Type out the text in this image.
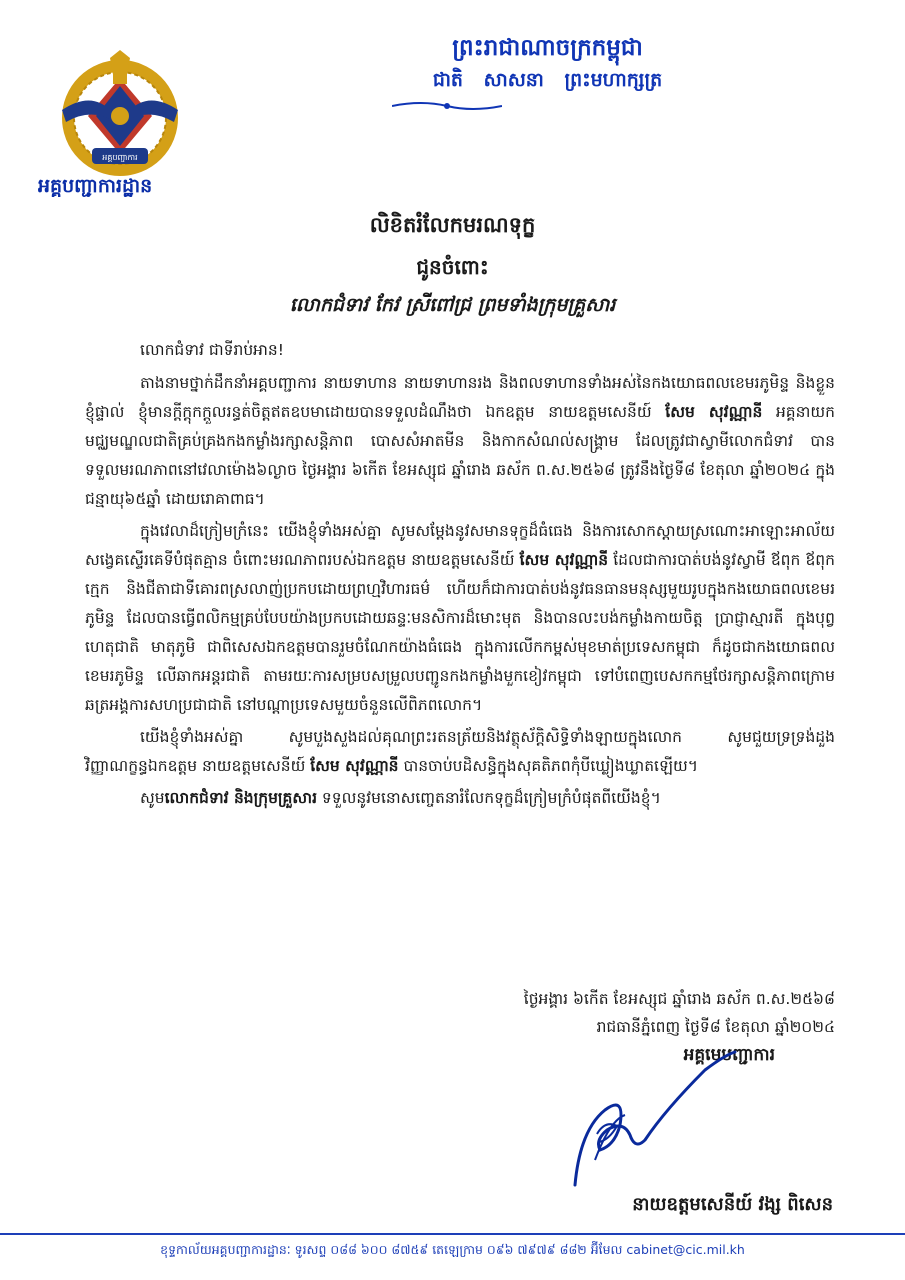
អគ្គបញ្ជាការ
អគ្គបញ្ជាការដ្ឋាន
ព្រះរាជាណាចក្រកម្ពុជា
ជាតិ សាសនា ព្រះមហាក្សត្រ
លិខិតរំលែកមរណទុក្ខ
ជូនចំពោះ
លោកជំទាវ កែវ ស្រីពៅជ្រ ព្រមទាំងក្រុមគ្រួសារ

លោកជំទាវ ជាទីរាប់អាន!

តាងនាមថ្នាក់ដឹកនាំអគ្គបញ្ជាការ នាយទាហាន នាយទាហានរង និងពលទាហានទាំងអស់នៃកងយោធពលខេមរភូមិន្ទ និងខ្លួនខ្ញុំផ្ទាល់ ខ្ញុំមានក្តីក្តុកក្តួលរន្ធត់ចិត្តឥតឧបមាដោយបានទទួលដំណឹងថា ឯកឧត្តម នាយឧត្តមសេនីយ៍ សែម សុវណ្ណានី អគ្គនាយក មជ្ឈមណ្ឌលជាតិគ្រប់គ្រងកងកម្លាំងរក្សាសន្តិភាព បោសសំអាតមីន និងកាកសំណល់សង្គ្រាម ដែលត្រូវជាស្វាមីលោកជំទាវ បានទទួលមរណភាពនៅវេលាម៉ោង៦ល្ងាច ថ្ងៃអង្គារ ៦កើត ខែអស្សុជ ឆ្នាំរោង ឆស័ក ព.ស.២៥៦៨ ត្រូវនឹងថ្ងៃទី៨ ខែតុលា ឆ្នាំ២០២៤ ក្នុងជន្មាយុ៦៥ឆ្នាំ ដោយរោគាពាធ។

ក្នុងវេលាដ៏ក្រៀមក្រំនេះ យើងខ្ញុំទាំងអស់គ្នា សូមសម្តែងនូវសមានទុក្ខដ៏ធំធេង និងការសោកស្តាយស្រណោះអាឡោះអាល័យ សង្វេគស្ទើរគេទីបំផុតគ្មាន ចំពោះមរណភាពរបស់ឯកឧត្តម នាយឧត្តមសេនីយ៍ សែម សុវណ្ណានី ដែលជាការបាត់បង់នូវស្វាមី ឪពុក ឪពុកក្មេក និងជីតាជាទីគោរពស្រលាញ់ប្រកបដោយព្រហ្មវិហារធម៌ ហើយក៏ជាការបាត់បង់នូវធនធានមនុស្សមួយរូបក្នុងកងយោធពលខេមរភូមិន្ទ ដែលបានធ្វើពលិកម្មគ្រប់បែបយ៉ាងប្រកបដោយឆន្ទៈមនសិការដ៏មោះមុត និងបានលះបង់កម្លាំងកាយចិត្ត ប្រាជ្ញាស្មារតី ក្នុងបុព្វហេតុជាតិ មាតុភូមិ ជាពិសេសឯកឧត្តមបានរួមចំណែកយ៉ាងធំធេង ក្នុងការលើកកម្ពស់មុខមាត់ប្រទេសកម្ពុជា ក៏ដូចជាកងយោធពលខេមរភូមិន្ទ លើឆាកអន្តរជាតិ តាមរយៈការសម្របសម្រួលបញ្ជូនកងកម្លាំងមួកខៀវកម្ពុជា ទៅបំពេញបេសកកម្មថែរក្សាសន្តិភាពក្រោមឆត្រអង្គការសហប្រជាជាតិ នៅបណ្តាប្រទេសមួយចំនួនលើពិភពលោក។

យើងខ្ញុំទាំងអស់គ្នា សូមបួងសួងដល់គុណព្រះរតនត្រ័យនិងវត្ថុស័ក្តិសិទ្ធិទាំងឡាយក្នុងលោក សូមជួយទ្រទ្រង់ដួងវិញ្ញាណក្ខន្ធឯកឧត្តម នាយឧត្តមសេនីយ៍ សែម សុវណ្ណានី បានចាប់បដិសន្ធិក្នុងសុគតិភពកុំបីឃ្លៀងឃ្លាតឡើយ។

សូមលោកជំទាវ និងក្រុមគ្រួសារ ទទួលនូវមនោសញ្ចេតនារំលែកទុក្ខដ៏ក្រៀមក្រំបំផុតពីយើងខ្ញុំ។

ថ្ងៃអង្គារ ៦កើត ខែអស្សុជ ឆ្នាំរោង ឆស័ក ព.ស.២៥៦៨
រាជធានីភ្នំពេញ ថ្ងៃទី៨ ខែតុលា ឆ្នាំ២០២៤
អគ្គមេបញ្ជាការ
នាយឧត្តមសេនីយ៍ វង្ស ពិសេន
ខុទ្ទកាល័យអគ្គបញ្ជាការដ្ឋានៈ ទូរសព្ទ ០៨៨ ៦០០ ៨៧៥៩ តេឡេក្រាម ០៩៦ ៧៩៧៩ ៨៨២ អ៊ីមែល cabinet@cic.mil.kh
